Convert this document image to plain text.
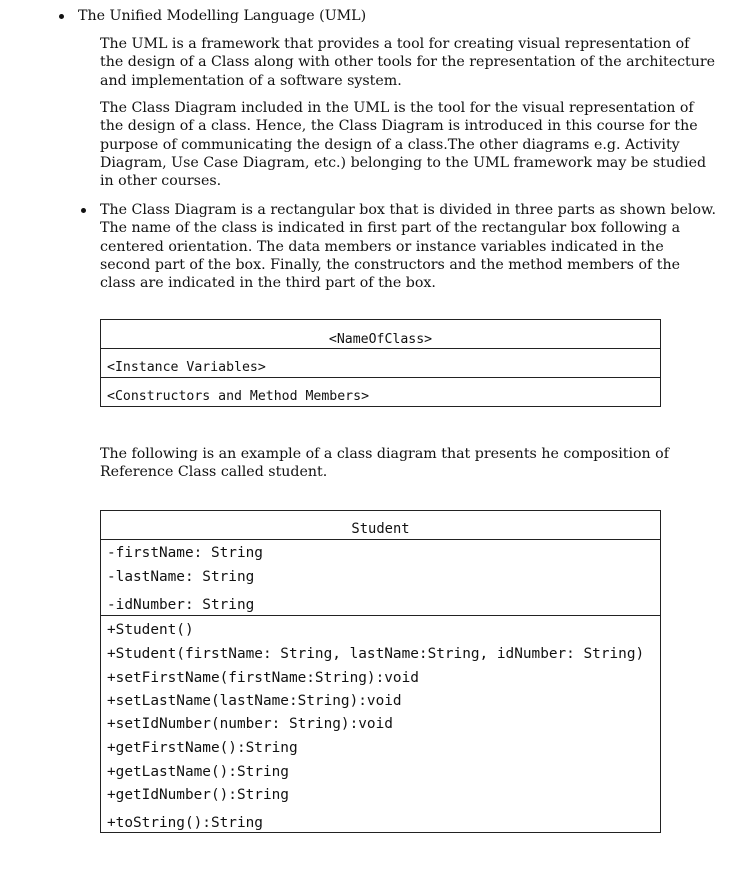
The Unified Modelling Language (UML)
The UML is a framework that provides a tool for creating visual representation of
the design of a Class along with other tools for the representation of the architecture
and implementation of a software system.
The Class Diagram included in the UML is the tool for the visual representation of
the design of a class. Hence, the Class Diagram is introduced in this course for the
purpose of communicating the design of a class.The other diagrams e.g. Activity
Diagram, Use Case Diagram, etc.) belonging to the UML framework may be studied
in other courses.
The Class Diagram is a rectangular box that is divided in three parts as shown below.
The name of the class is indicated in first part of the rectangular box following a
centered orientation. The data members or instance variables indicated in the
second part of the box. Finally, the constructors and the method members of the
class are indicated in the third part of the box.
<NameOfClass>
<Instance Variables>
<Constructors and Method Members>
The following is an example of a class diagram that presents he composition of
Reference Class called student.
Student
-firstName: String
-lastName: String
-idNumber: String
+Student()
+Student(firstName: String, lastName:String, idNumber: String)
+setFirstName(firstName:String):void
+setLastName(lastName:String):void
+setIdNumber(number: String):void
+getFirstName():String
+getLastName():String
+getIdNumber():String
+toString():String
